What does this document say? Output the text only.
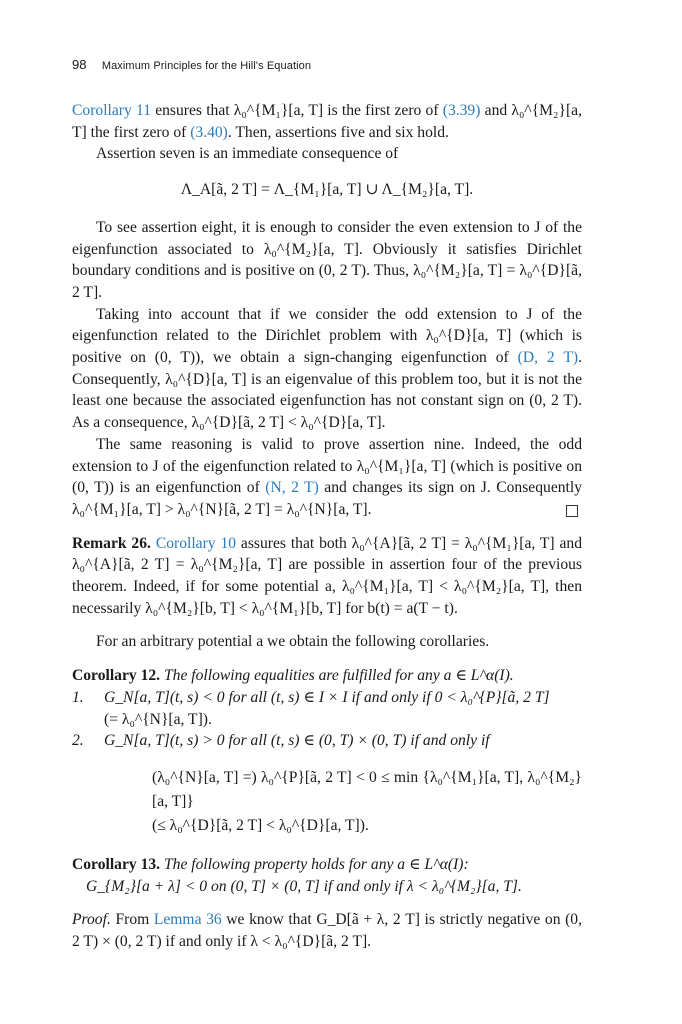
98 Maximum Principles for the Hill's Equation

Corollary 11 ensures that λ₀^{M₁}[a, T] is the first zero of (3.39) and λ₀^{M₂}[a, T] the first zero of (3.40). Then, assertions five and six hold.

Assertion seven is an immediate consequence of

Λ_A[ã, 2 T] = Λ_{M₁}[a, T] ∪ Λ_{M₂}[a, T].

To see assertion eight, it is enough to consider the even extension to J of the eigenfunction associated to λ₀^{M₂}[a, T]. Obviously it satisfies Dirichlet boundary conditions and is positive on (0, 2 T). Thus, λ₀^{M₂}[a, T] = λ₀^{D}[ã, 2 T].

Taking into account that if we consider the odd extension to J of the eigenfunction related to the Dirichlet problem with λ₀^{D}[a, T] (which is positive on (0, T)), we obtain a sign-changing eigenfunction of (D, 2 T). Consequently, λ₀^{D}[a, T] is an eigenvalue of this problem too, but it is not the least one because the associated eigenfunction has not constant sign on (0, 2 T). As a consequence, λ₀^{D}[ã, 2 T] < λ₀^{D}[a, T].

The same reasoning is valid to prove assertion nine. Indeed, the odd extension to J of the eigenfunction related to λ₀^{M₁}[a, T] (which is positive on (0, T)) is an eigenfunction of (N, 2 T) and changes its sign on J. Consequently λ₀^{M₁}[a, T] > λ₀^{N}[ã, 2 T] = λ₀^{N}[a, T].

Remark 26. Corollary 10 assures that both λ₀^{A}[ã, 2 T] = λ₀^{M₁}[a, T] and λ₀^{A}[ã, 2 T] = λ₀^{M₂}[a, T] are possible in assertion four of the previous theorem. Indeed, if for some potential a, λ₀^{M₁}[a, T] < λ₀^{M₂}[a, T], then necessarily λ₀^{M₂}[b, T] < λ₀^{M₁}[b, T] for b(t) = a(T − t).

For an arbitrary potential a we obtain the following corollaries.

Corollary 12. The following equalities are fulfilled for any a ∈ L^α(I).

1. G_N[a, T](t, s) < 0 for all (t, s) ∈ I × I if and only if 0 < λ₀^{P}[ã, 2 T]

(= λ₀^{N}[a, T]).

2. G_N[a, T](t, s) > 0 for all (t, s) ∈ (0, T) × (0, T) if and only if

(λ₀^{N}[a, T] =) λ₀^{P}[ã, 2 T] < 0 ≤ min {λ₀^{M₁}[a, T], λ₀^{M₂}[a, T]}
(≤ λ₀^{D}[ã, 2 T] < λ₀^{D}[a, T]).

Corollary 13. The following property holds for any a ∈ L^α(I):

G_{M₂}[a + λ] < 0 on (0, T] × (0, T] if and only if λ < λ₀^{M₂}[a, T].

Proof. From Lemma 36 we know that G_D[ã + λ, 2 T] is strictly negative on (0, 2 T) × (0, 2 T) if and only if λ < λ₀^{D}[ã, 2 T].
